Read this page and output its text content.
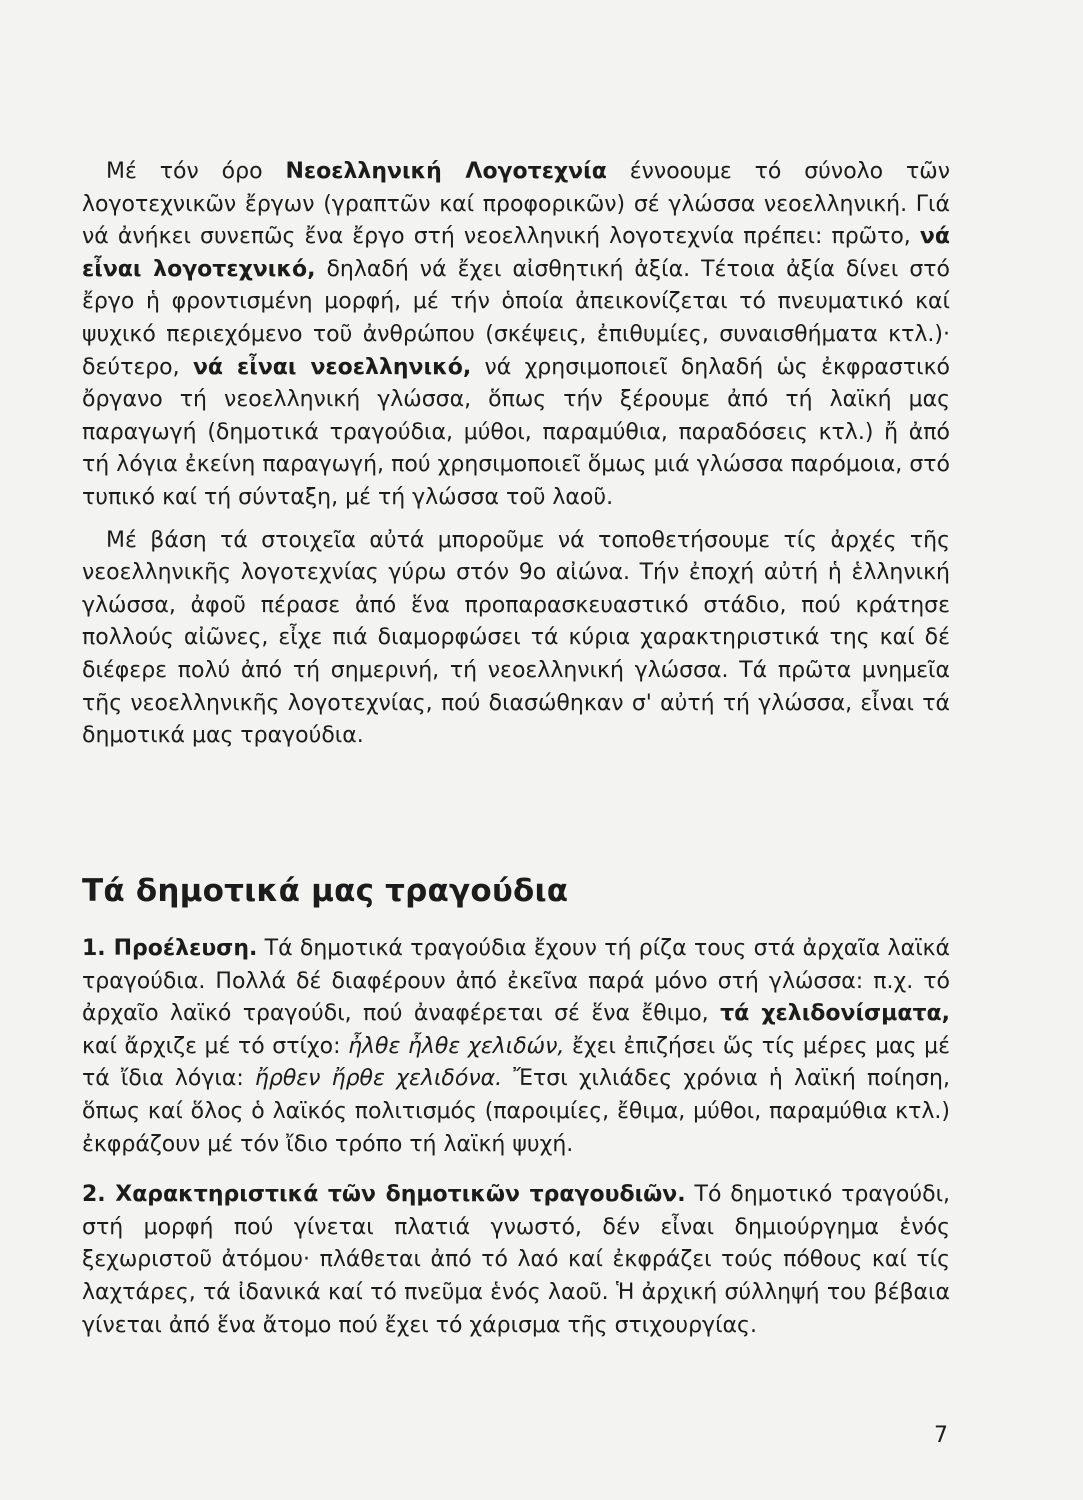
Μέ τόν όρο Νεοελληνική Λογοτεχνία έννοουμε τό σύνολο τῶν λογοτεχνικῶν ἔργων (γραπτῶν καί προφορικῶν) σέ γλώσσα νεοελληνική. Γιά νά ἀνήκει συνεπῶς ἔνα ἔργο στή νεοελληνική λογοτεχνία πρέπει: πρῶτο, νά εἶναι λογοτεχνικό, δηλαδή νά ἔχει αἰσθητική ἀξία. Τέτοια ἀξία δίνει στό ἔργο ἡ φροντισμένη μορφή, μέ τήν ὁποία ἀπεικονίζεται τό πνευματικό καί ψυχικό περιεχόμενο τοῦ ἀνθρώπου (σκέψεις, ἐπιθυμίες, συναισθήματα κτλ.)· δεύτερο, νά εἶναι νεοελληνικό, νά χρησιμοποιεῖ δηλαδή ὡς ἐκφραστικό ὄργανο τή νεοελληνική γλώσσα, ὅπως τήν ξέρουμε ἀπό τή λαϊκή μας παραγωγή (δημοτικά τραγούδια, μύθοι, παραμύθια, παραδόσεις κτλ.) ἤ ἀπό τή λόγια ἐκείνη παραγωγή, πού χρησιμοποιεῖ ὅμως μιά γλώσσα παρόμοια, στό τυπικό καί τή σύνταξη, μέ τή γλώσσα τοῦ λαοῦ.

Μέ βάση τά στοιχεῖα αὐτά μποροῦμε νά τοποθετήσουμε τίς ἀρχές τῆς νεοελληνικῆς λογοτεχνίας γύρω στόν 9ο αἰώνα. Τήν ἐποχή αὐτή ἡ ἑλληνική γλώσσα, ἀφοῦ πέρασε ἀπό ἕνα προπαρασκευαστικό στάδιο, πού κράτησε πολλούς αἰῶνες, εἶχε πιά διαμορφώσει τά κύρια χαρακτηριστικά της καί δέ διέφερε πολύ ἀπό τή σημερινή, τή νεοελληνική γλώσσα. Τά πρῶτα μνημεῖα τῆς νεοελληνικῆς λογοτεχνίας, πού διασώθηκαν σ' αὐτή τή γλώσσα, εἶναι τά δημοτικά μας τραγούδια.

Τά δημοτικά μας τραγούδια

1. Προέλευση. Τά δημοτικά τραγούδια ἔχουν τή ρίζα τους στά ἀρχαῖα λαϊκά τραγούδια. Πολλά δέ διαφέρουν ἀπό ἐκεῖνα παρά μόνο στή γλώσσα: π.χ. τό ἀρχαῖο λαϊκό τραγούδι, πού ἀναφέρεται σέ ἕνα ἔθιμο, τά χελιδονίσματα, καί ἄρχιζε μέ τό στίχο: ἦλθε ἦλθε χελιδών, ἔχει ἐπιζήσει ὥς τίς μέρες μας μέ τά ἴδια λόγια: ἤρθεν ἤρθε χελιδόνα. Ἔτσι χιλιάδες χρόνια ἡ λαϊκή ποίηση, ὅπως καί ὅλος ὁ λαϊκός πολιτισμός (παροιμίες, ἔθιμα, μύθοι, παραμύθια κτλ.) ἐκφράζουν μέ τόν ἴδιο τρόπο τή λαϊκή ψυχή.

2. Χαρακτηριστικά τῶν δημοτικῶν τραγουδιῶν. Τό δημοτικό τραγούδι, στή μορφή πού γίνεται πλατιά γνωστό, δέν εἶναι δημιούργημα ἑνός ξεχωριστοῦ ἀτόμου· πλάθεται ἀπό τό λαό καί ἐκφράζει τούς πόθους καί τίς λαχτάρες, τά ἰδανικά καί τό πνεῦμα ἑνός λαοῦ. Ἡ ἀρχική σύλληψή του βέβαια γίνεται ἀπό ἕνα ἄτομο πού ἔχει τό χάρισμα τῆς στιχουργίας.

7
